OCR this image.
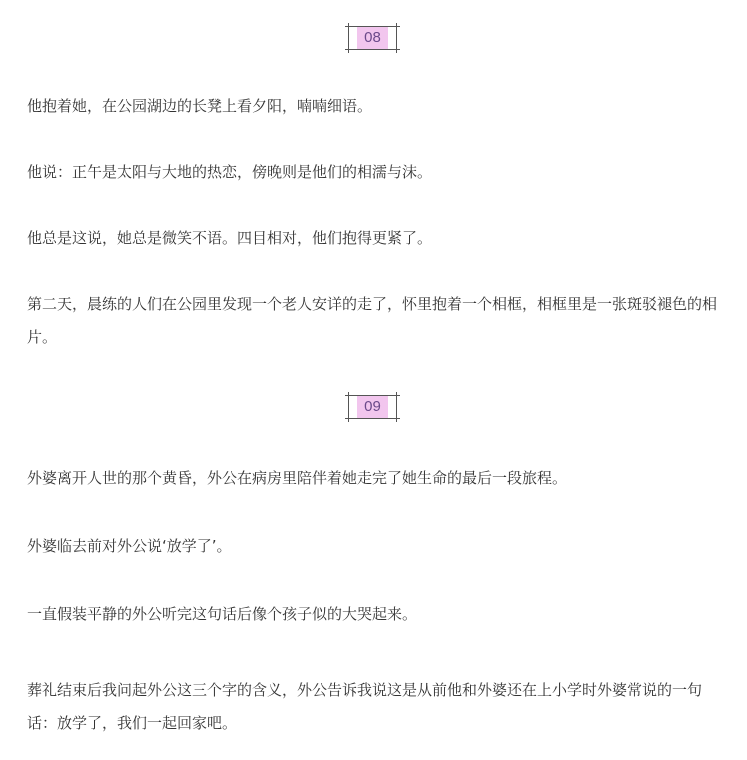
08

他抱着她，在公园湖边的长凳上看夕阳，喃喃细语。

他说：正午是太阳与大地的热恋，傍晚则是他们的相濡与沫。

他总是这说，她总是微笑不语。四目相对，他们抱得更紧了。

第二天，晨练的人们在公园里发现一个老人安详的走了，怀里抱着一个相框，相框里是一张斑驳褪色的相片。

09

外婆离开人世的那个黄昏，外公在病房里陪伴着她走完了她生命的最后一段旅程。

外婆临去前对外公说‘放学了’。

一直假装平静的外公听完这句话后像个孩子似的大哭起来。

葬礼结束后我问起外公这三个字的含义，外公告诉我说这是从前他和外婆还在上小学时外婆常说的一句话：放学了，我们一起回家吧。
